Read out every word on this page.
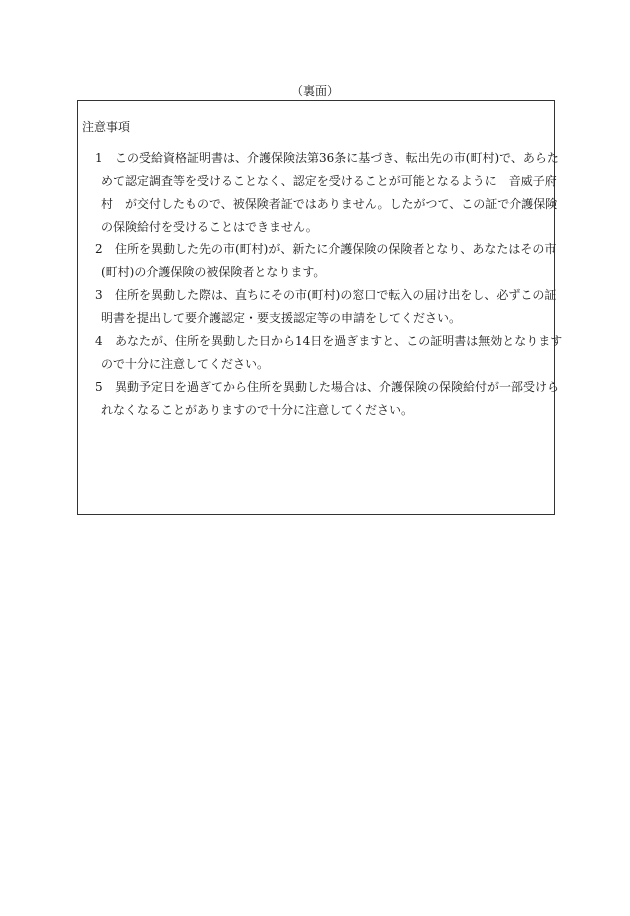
（裏面）
注意事項
1 この受給資格証明書は、介護保険法第36条に基づき、転出先の市(町村)で、あらた
めて認定調査等を受けることなく、認定を受けることが可能となるように　音威子府
村　が交付したもので、被保険者証ではありません。したがつて、この証で介護保険
の保険給付を受けることはできません。
2 住所を異動した先の市(町村)が、新たに介護保険の保険者となり、あなたはその市
(町村)の介護保険の被保険者となります。
3 住所を異動した際は、直ちにその市(町村)の窓口で転入の届け出をし、必ずこの証
明書を提出して要介護認定・要支援認定等の申請をしてください。
4 あなたが、住所を異動した日から14日を過ぎますと、この証明書は無効となります
ので十分に注意してください。
5 異動予定日を過ぎてから住所を異動した場合は、介護保険の保険給付が一部受けら
れなくなることがありますので十分に注意してください。
